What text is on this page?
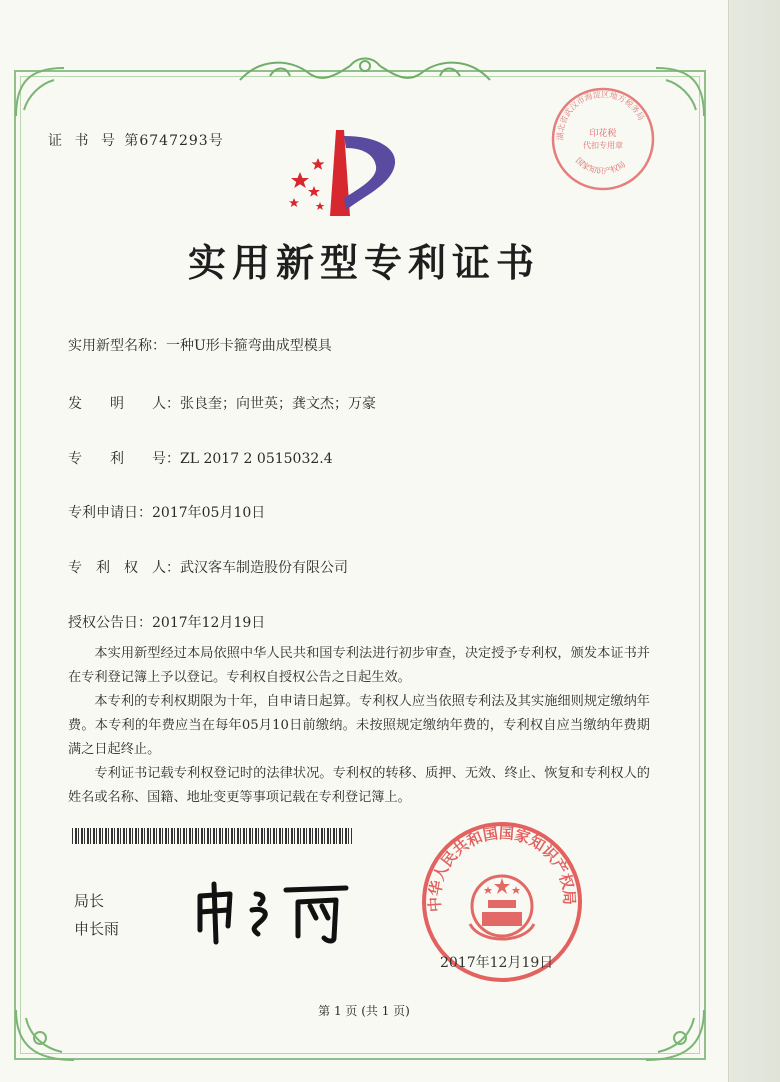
证 书 号 第6747293号
实用新型专利证书
实用新型名称：一种U形卡箍弯曲成型模具
发　　明　　人：张良奎；向世英；龚文杰；万豪
专　　利　　号：ZL 2017 2 0515032.4
专利申请日：2017年05月10日
专　利　权　人：武汉客车制造股份有限公司
授权公告日：2017年12月19日

本实用新型经过本局依照中华人民共和国专利法进行初步审查，决定授予专利权，颁发本证书并在专利登记簿上予以登记。专利权自授权公告之日起生效。

本专利的专利权期限为十年，自申请日起算。专利权人应当依照专利法及其实施细则规定缴纳年费。本专利的年费应当在每年05月10日前缴纳。未按照规定缴纳年费的，专利权自应当缴纳年费期满之日起终止。

专利证书记载专利权登记时的法律状况。专利权的转移、质押、无效、终止、恢复和专利权人的姓名或名称、国籍、地址变更等事项记载在专利登记簿上。

局长
申长雨
中华人民共和国国家知识产权局
2017年12月19日
湖北省武汉市海淀区地方税务局
印花税
代扣专用章
国家知识产权局
第 1 页 (共 1 页)
